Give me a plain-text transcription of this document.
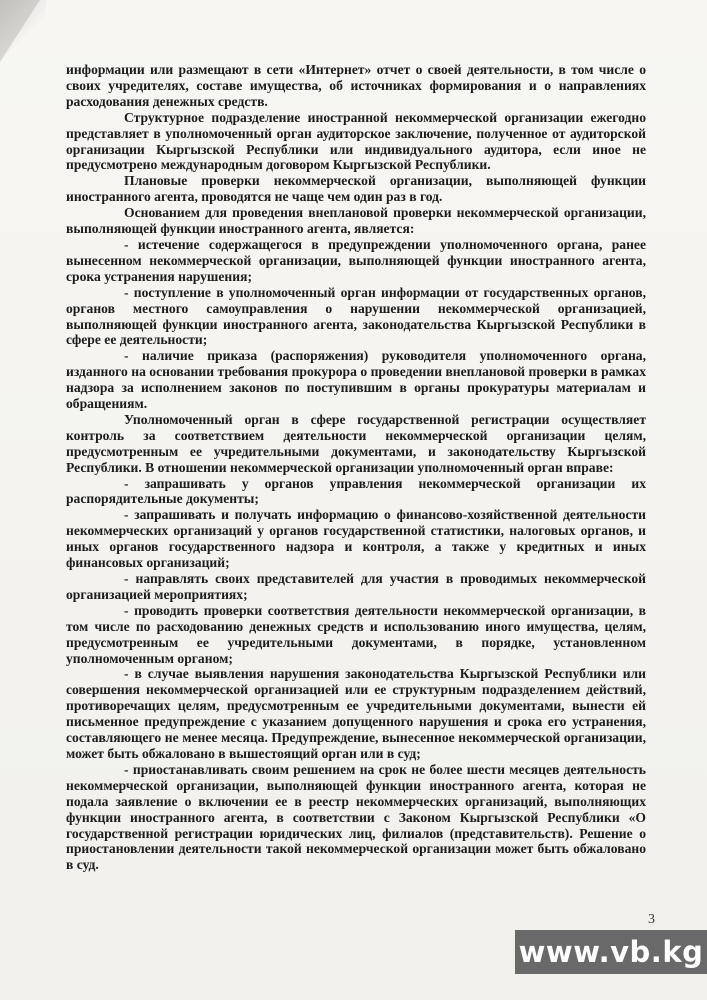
информации или размещают в сети «Интернет» отчет о своей деятельности, в том числе о своих учредителях, составе имущества, об источниках формирования и о направлениях расходования денежных средств.

Структурное подразделение иностранной некоммерческой организации ежегодно представляет в уполномоченный орган аудиторское заключение, полученное от аудиторской организации Кыргызской Республики или индивидуального аудитора, если иное не предусмотрено международным договором Кыргызской Республики.

Плановые проверки некоммерческой организации, выполняющей функции иностранного агента, проводятся не чаще чем один раз в год.

Основанием для проведения внеплановой проверки некоммерческой организации, выполняющей функции иностранного агента, является:

- истечение содержащегося в предупреждении уполномоченного органа, ранее вынесенном некоммерческой организации, выполняющей функции иностранного агента, срока устранения нарушения;

- поступление в уполномоченный орган информации от государственных органов, органов местного самоуправления о нарушении некоммерческой организацией, выполняющей функции иностранного агента, законодательства Кыргызской Республики в сфере ее деятельности;

- наличие приказа (распоряжения) руководителя уполномоченного органа, изданного на основании требования прокурора о проведении внеплановой проверки в рамках надзора за исполнением законов по поступившим в органы прокуратуры материалам и обращениям.

Уполномоченный орган в сфере государственной регистрации осуществляет контроль за соответствием деятельности некоммерческой организации целям, предусмотренным ее учредительными документами, и законодательству Кыргызской Республики. В отношении некоммерческой организации уполномоченный орган вправе:

- запрашивать у органов управления некоммерческой организации их распорядительные документы;

- запрашивать и получать информацию о финансово-хозяйственной деятельности некоммерческих организаций у органов государственной статистики, налоговых органов, и иных органов государственного надзора и контроля, а также у кредитных и иных финансовых организаций;

- направлять своих представителей для участия в проводимых некоммерческой организацией мероприятиях;

- проводить проверки соответствия деятельности некоммерческой организации, в том числе по расходованию денежных средств и использованию иного имущества, целям, предусмотренным ее учредительными документами, в порядке, установленном уполномоченным органом;

- в случае выявления нарушения законодательства Кыргызской Республики или совершения некоммерческой организацией или ее структурным подразделением действий, противоречащих целям, предусмотренным ее учредительными документами, вынести ей письменное предупреждение с указанием допущенного нарушения и срока его устранения, составляющего не менее месяца. Предупреждение, вынесенное некоммерческой организации, может быть обжаловано в вышестоящий орган или в суд;

- приостанавливать своим решением на срок не более шести месяцев деятельность некоммерческой организации, выполняющей функции иностранного агента, которая не подала заявление о включении ее в реестр некоммерческих организаций, выполняющих функции иностранного агента, в соответствии с Законом Кыргызской Республики «О государственной регистрации юридических лиц, филиалов (представительств). Решение о приостановлении деятельности такой некоммерческой организации может быть обжаловано в суд.

3
www.vb.kg
